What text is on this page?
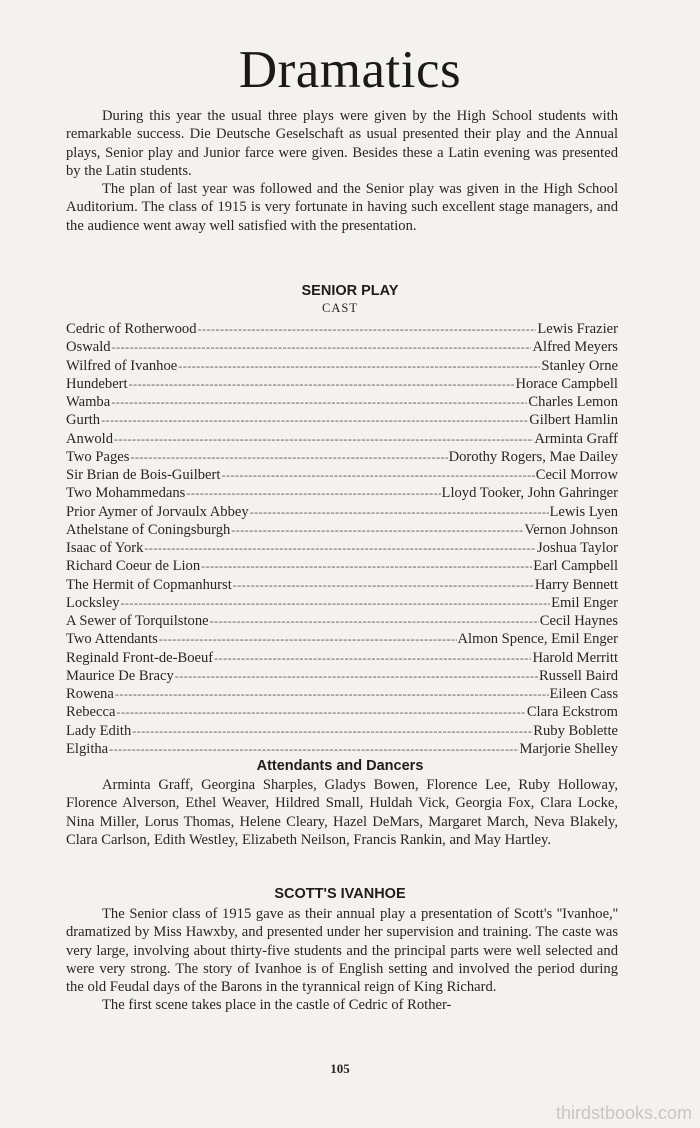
Dramatics

During this year the usual three plays were given by the High School students with remarkable success. Die Deutsche Geselschaft as usual presented their play and the Annual plays, Senior play and Junior farce were given. Besides these a Latin evening was presented by the Latin students.

The plan of last year was followed and the Senior play was given in the High School Auditorium. The class of 1915 is very fortunate in having such excellent stage managers, and the audience went away well satisfied with the presentation.

SENIOR PLAY
CAST
Cedric of Rotherwood -----	Lewis Frazier
Oswald -----	Alfred Meyers
Wilfred of Ivanhoe -----	Stanley Orne
Hundebert -----	Horace Campbell
Wamba -----	Charles Lemon
Gurth -----	Gilbert Hamlin
Anwold -----	Arminta Graff
Two Pages -----	Dorothy Rogers, Mae Dailey
Sir Brian de Bois-Guilbert -----	Cecil Morrow
Two Mohammedans -----	Lloyd Tooker, John Gahringer
Prior Aymer of Jorvaulx Abbey -----	Lewis Lyen
Athelstane of Coningsburgh -----	Vernon Johnson
Isaac of York -----	Joshua Taylor
Richard Coeur de Lion -----	Earl Campbell
The Hermit of Copmanhurst -----	Harry Bennett
Locksley -----	Emil Enger
A Sewer of Torquilstone -----	Cecil Haynes
Two Attendants -----	Almon Spence, Emil Enger
Reginald Front-de-Boeuf -----	Harold Merritt
Maurice De Bracy -----	Russell Baird
Rowena -----	Eileen Cass
Rebecca -----	Clara Eckstrom
Lady Edith -----	Ruby Boblette
Elgitha -----	Marjorie Shelley
Attendants and Dancers

Arminta Graff, Georgina Sharples, Gladys Bowen, Florence Lee, Ruby Holloway, Florence Alverson, Ethel Weaver, Hildred Small, Huldah Vick, Georgia Fox, Clara Locke, Nina Miller, Lorus Thomas, Helene Cleary, Hazel DeMars, Margaret March, Neva Blakely, Clara Carlson, Edith Westley, Elizabeth Neilson, Francis Rankin, and May Hartley.

SCOTT'S IVANHOE

The Senior class of 1915 gave as their annual play a presentation of Scott's ''Ivanhoe,'' dramatized by Miss Hawxby, and presented under her supervision and training. The caste was very large, involving about thirty-five students and the principal parts were well selected and were very strong. The story of Ivanhoe is of English setting and involved the period during the old Feudal days of the Barons in the tyrannical reign of King Richard.

The first scene takes place in the castle of Cedric of Rother-

105
thirdstbooks.com
